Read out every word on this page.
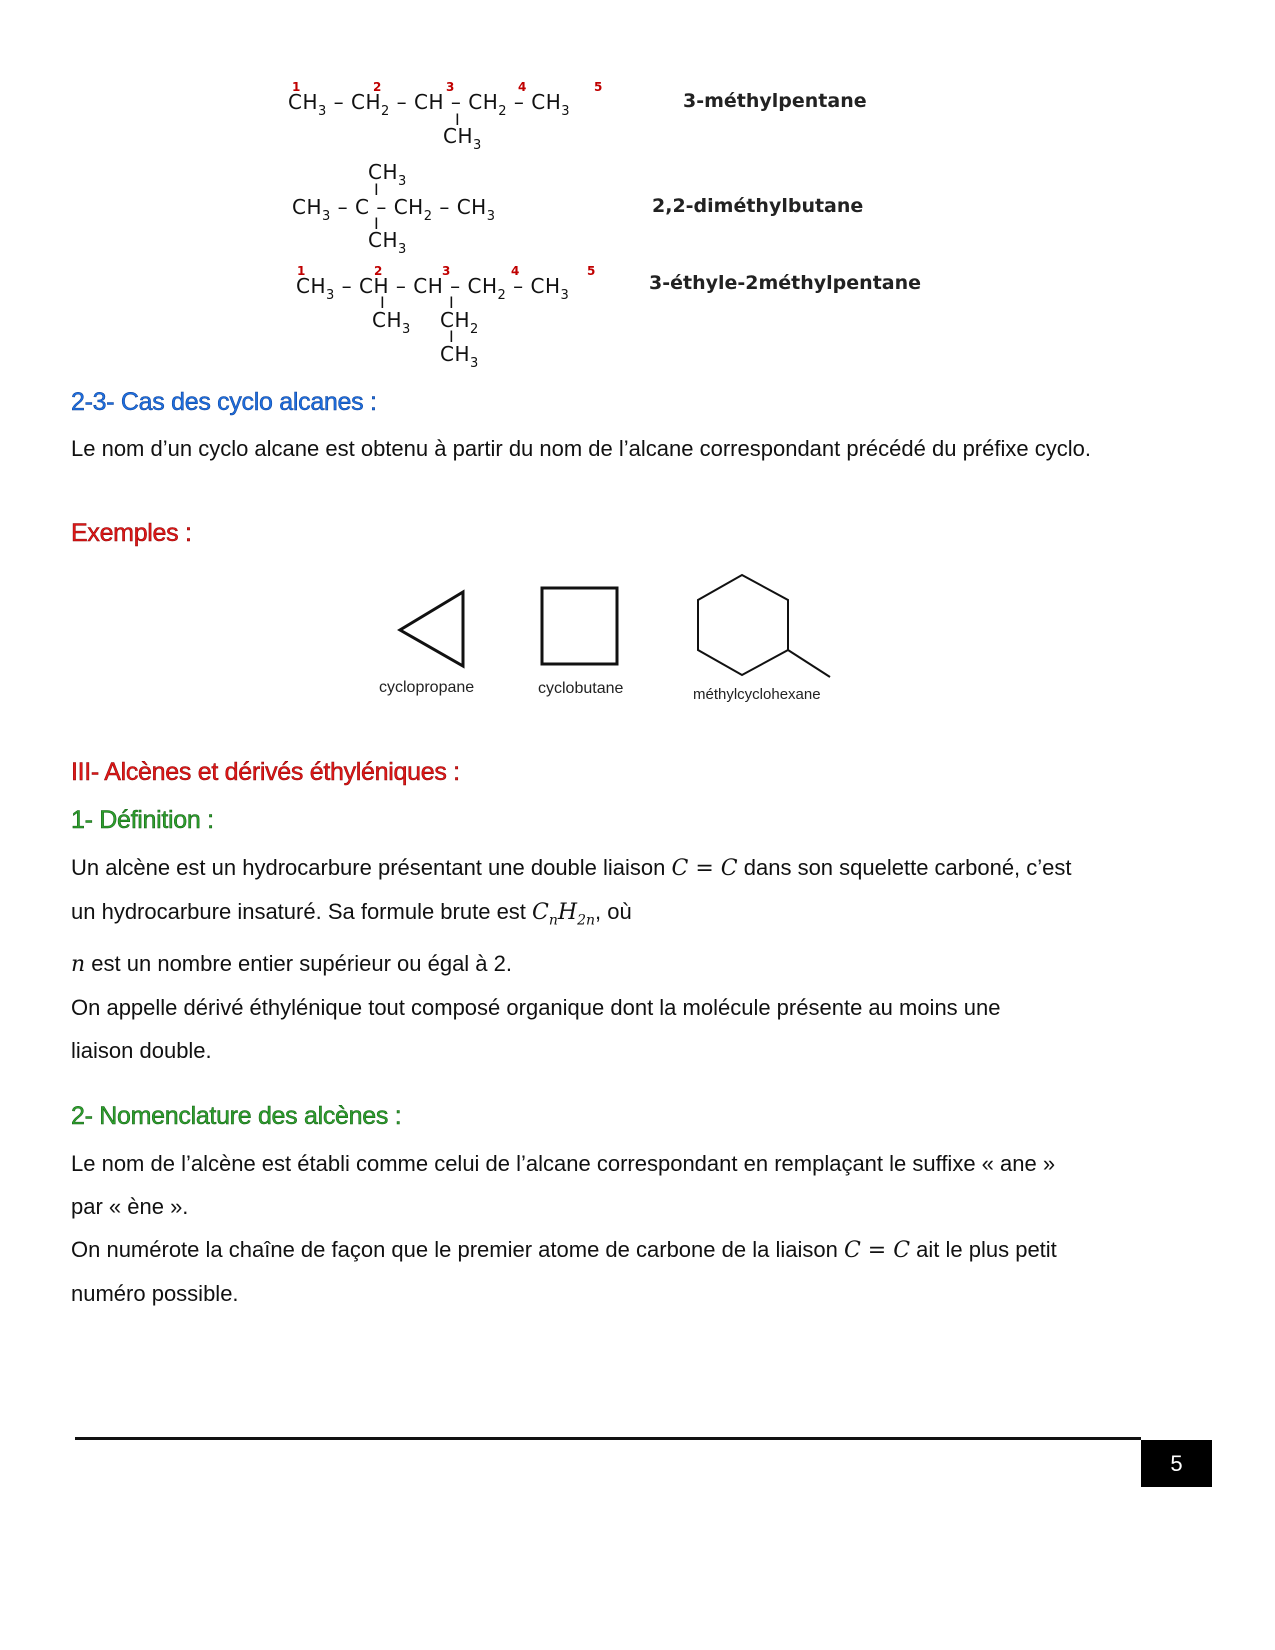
1	2	3	4	5
$CH_3 - CH_2$ – CH – $CH_2 - CH_3$
I
$CH_3$
3-méthylpentane
$CH_3$
I
$CH_3$ – C – $CH_2 - CH_3$
I
$CH_3$
2,2-diméthylbutane
1	2	3	4	5
$CH_3$ – CH – CH – $CH_2 - CH_3$
I	I
$CH_3$ $CH_2$
I
$CH_3$
3-éthyle-2méthylpentane
2-3- Cas des cyclo alcanes :
Le nom d’un cyclo alcane est obtenu à partir du nom de l’alcane correspondant précédé du préfixe cyclo.
Exemples :
cyclopropane	cyclobutane	méthylcyclohexane
III- Alcènes et dérivés éthyléniques :
1- Définition :
Un alcène est un hydrocarbure présentant une double liaison C = C dans son squelette carboné, c’est
un hydrocarbure insaturé. Sa formule brute est $C_nH_{2n}$, où
n est un nombre entier supérieur ou égal à 2.
On appelle dérivé éthylénique tout composé organique dont la molécule présente au moins une
liaison double.
2- Nomenclature des alcènes :
Le nom de l’alcène est établi comme celui de l’alcane correspondant en remplaçant le suffixe « ane »
par « ène ».
On numérote la chaîne de façon que le premier atome de carbone de la liaison C = C ait le plus petit
numéro possible.
5
